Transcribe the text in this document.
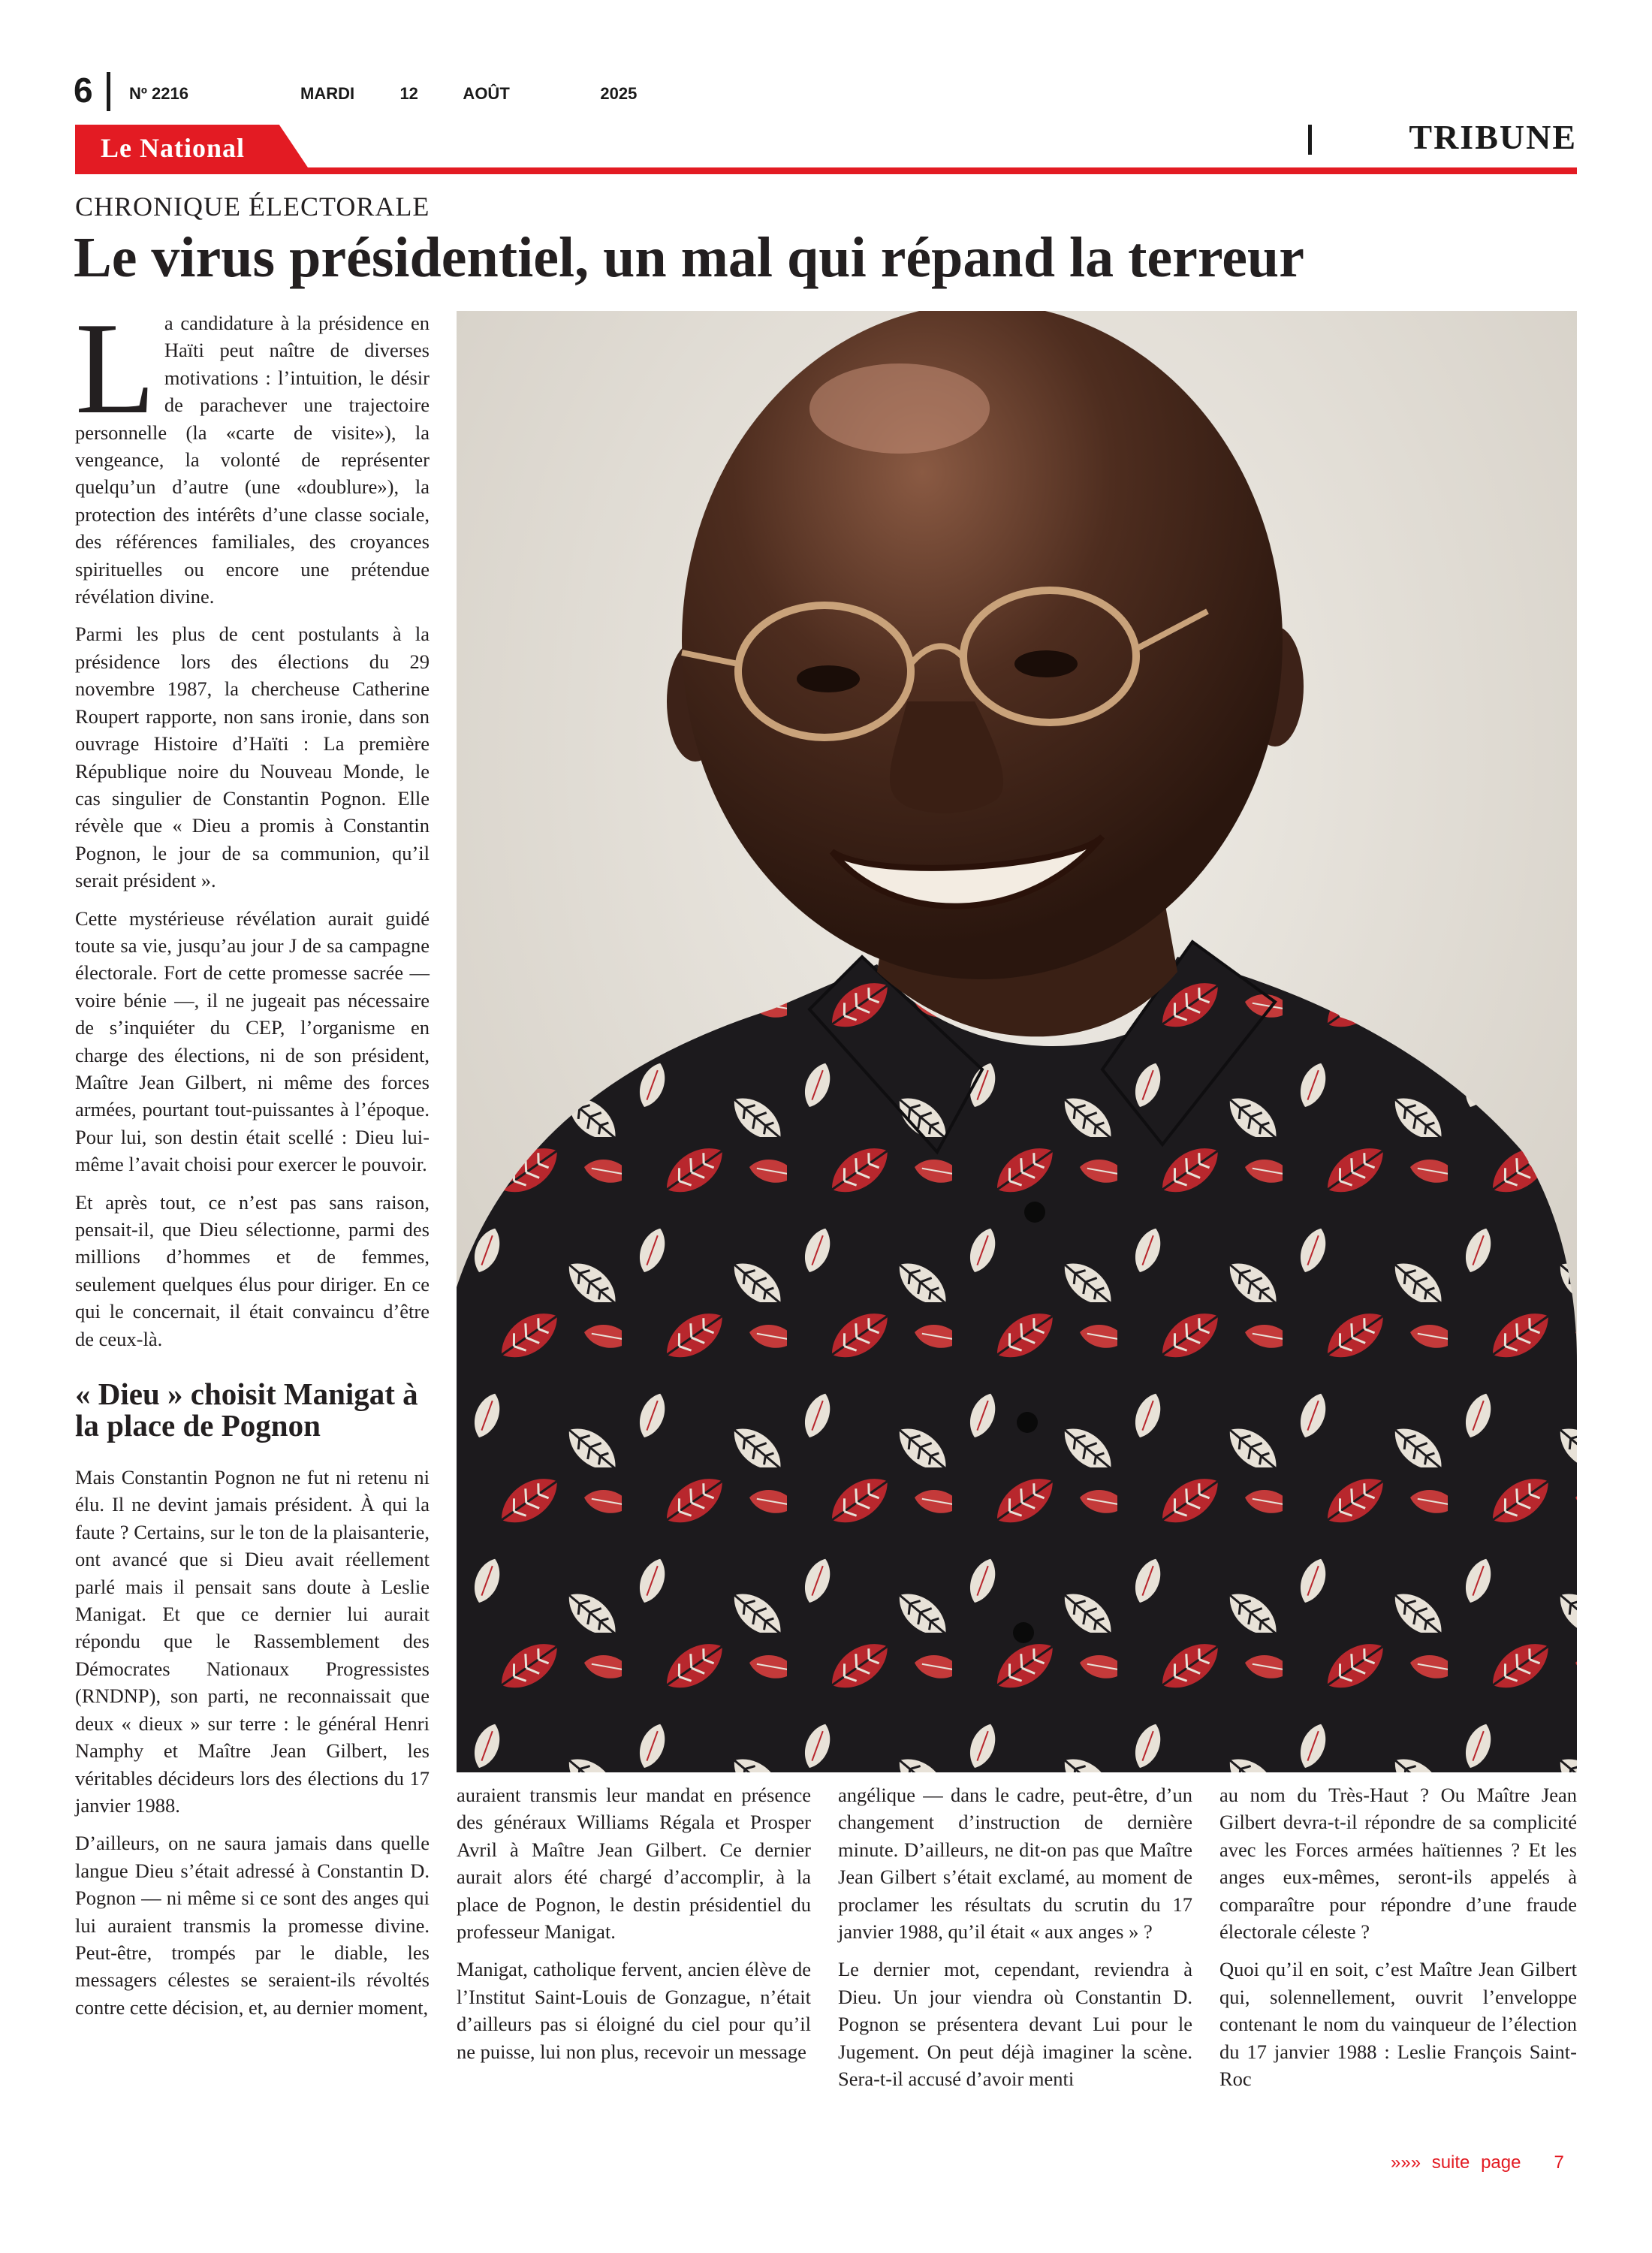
6 Nº 2216	MARDI   12   AOÛT      2025
Le National	TRIBUNE
CHRONIQUE ÉLECTORALE
Le virus présidentiel, un mal qui répand la terreur

La candidature à la présidence en Haïti peut naître de diverses motivations : l’intuition, le désir de parachever une trajectoire personnelle (la «carte de visite»), la vengeance, la volonté de représenter quelqu’un d’autre (une «doublure»), la protection des intérêts d’une classe sociale, des références familiales, des croyances spirituelles ou encore une prétendue révélation divine.

Parmi les plus de cent postulants à la présidence lors des élections du 29 novembre 1987, la chercheuse Catherine Roupert rapporte, non sans ironie, dans son ouvrage Histoire d’Haïti : La première République noire du Nouveau Monde, le cas singulier de Constantin Pognon. Elle révèle que « Dieu a promis à Constantin Pognon, le jour de sa communion, qu’il serait président ».

Cette mystérieuse révélation aurait guidé toute sa vie, jusqu’au jour J de sa campagne électorale. Fort de cette promesse sacrée — voire bénie —, il ne jugeait pas nécessaire de s’inquiéter du CEP, l’organisme en charge des élections, ni de son président, Maître Jean Gilbert, ni même des forces armées, pourtant tout-puissantes à l’époque. Pour lui, son destin était scellé : Dieu lui-même l’avait choisi pour exercer le pouvoir.

Et après tout, ce n’est pas sans raison, pensait-il, que Dieu sélectionne, parmi des millions d’hommes et de femmes, seulement quelques élus pour diriger. En ce qui le concernait, il était convaincu d’être de ceux-là.

« Dieu » choisit Manigat à la place de Pognon

Mais Constantin Pognon ne fut ni retenu ni élu. Il ne devint jamais président. À qui la faute ? Certains, sur le ton de la plaisanterie, ont avancé que si Dieu avait réellement parlé mais il pensait sans doute à Leslie Manigat. Et que ce dernier lui aurait répondu que le Rassemblement des Démocrates Nationaux Progressistes (RNDNP), son parti, ne reconnaissait que deux « dieux » sur terre : le général Henri Namphy et Maître Jean Gilbert, les véritables décideurs lors des élections du 17 janvier 1988.

D’ailleurs, on ne saura jamais dans quelle langue Dieu s’était adressé à Constantin D. Pognon — ni même si ce sont des anges qui lui auraient transmis la promesse divine. Peut-être, trompés par le diable, les messagers célestes se seraient-ils révoltés contre cette décision, et, au dernier moment,

auraient transmis leur mandat en présence des généraux Williams Régala et Prosper Avril à Maître Jean Gilbert. Ce dernier aurait alors été chargé d’accomplir, à la place de Pognon, le destin présidentiel du professeur Manigat.

Manigat, catholique fervent, ancien élève de l’Institut Saint-Louis de Gonzague, n’était d’ailleurs pas si éloigné du ciel pour qu’il ne puisse, lui non plus, recevoir un message

angélique — dans le cadre, peut-être, d’un changement d’instruction de dernière minute. D’ailleurs, ne dit-on pas que Maître Jean Gilbert s’était exclamé, au moment de proclamer les résultats du scrutin du 17 janvier 1988, qu’il était « aux anges » ?

Le dernier mot, cependant, reviendra à Dieu. Un jour viendra où Constantin D. Pognon se présentera devant Lui pour le Jugement. On peut déjà imaginer la scène. Sera-t-il accusé d’avoir menti

au nom du Très-Haut ? Ou Maître Jean Gilbert devra-t-il répondre de sa complicité avec les Forces armées haïtiennes ? Et les anges eux-mêmes, seront-ils appelés à comparaître pour répondre d’une fraude électorale céleste ?

Quoi qu’il en soit, c’est Maître Jean Gilbert qui, solennellement, ouvrit l’enveloppe contenant le nom du vainqueur de l’élection du 17 janvier 1988 : Leslie François Saint-Roc

»»» suite page   7
